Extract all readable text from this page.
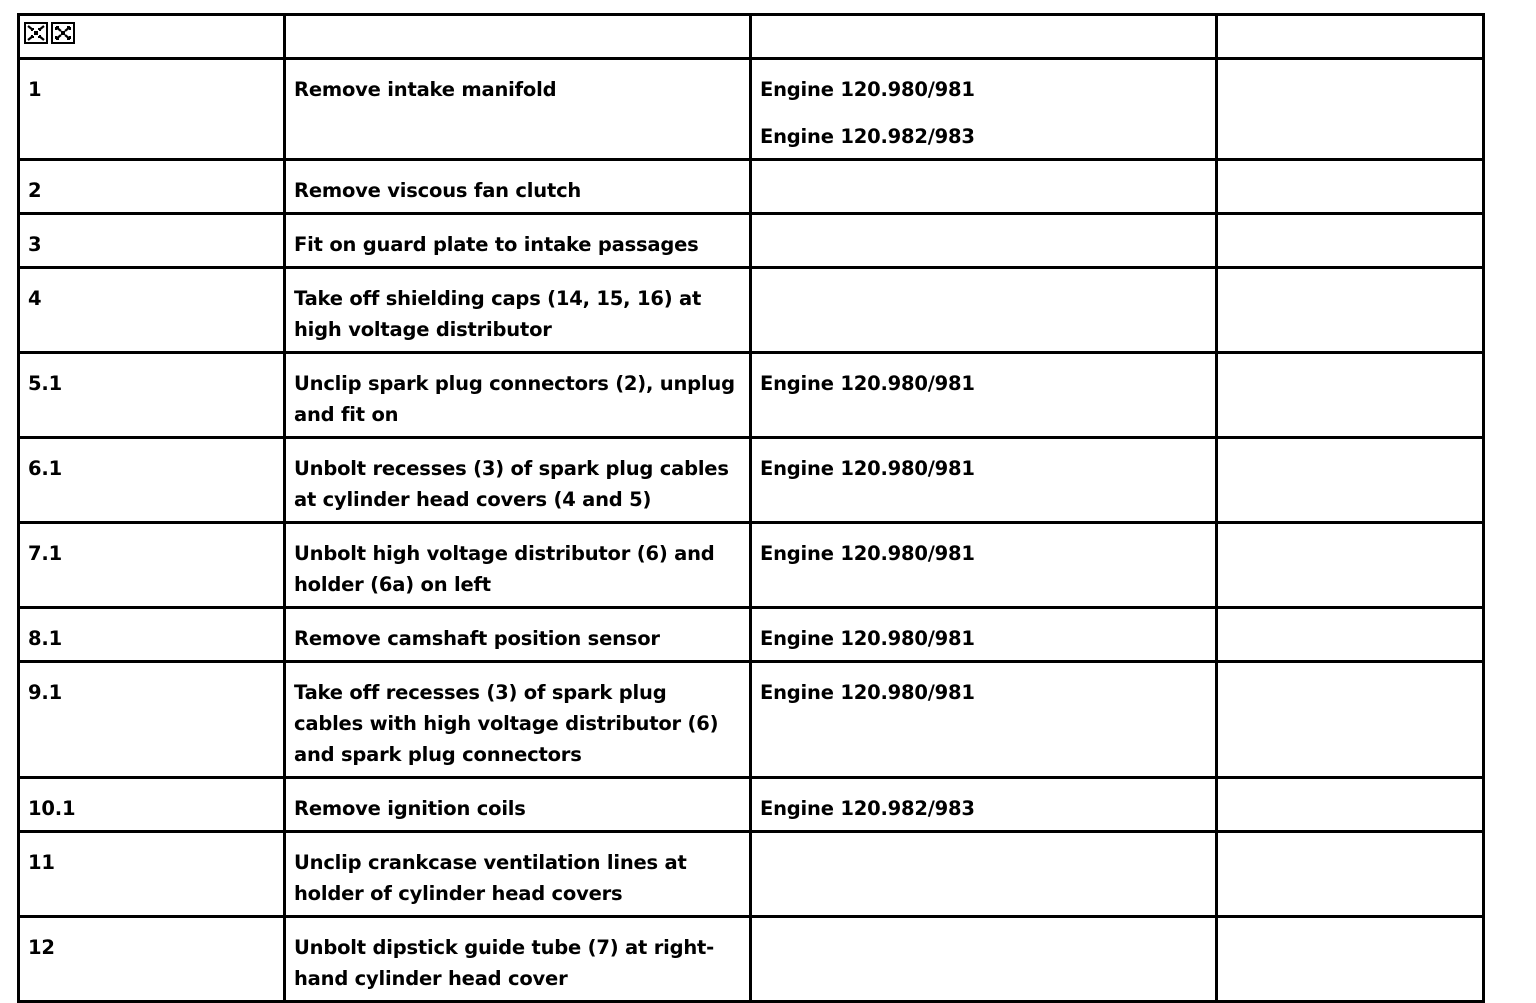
1	Remove intake manifold	Engine 120.980/981
Engine 120.982/983	

2	Remove viscous fan clutch		
3	Fit on guard plate to intake passages		
4	Take off shielding caps (14, 15, 16) at high voltage distributor		
5.1	Unclip spark plug connectors (2), unplug and fit on	Engine 120.980/981	

6.1	Unbolt recesses (3) of spark plug cables at cylinder head covers (4 and 5)	Engine 120.980/981	

7.1	Unbolt high voltage distributor (6) and holder (6a) on left	Engine 120.980/981	

8.1	Remove camshaft position sensor	Engine 120.980/981	

9.1	Take off recesses (3) of spark plug cables with high voltage distributor (6) and spark plug connectors	Engine 120.980/981	

10.1	Remove ignition coils	Engine 120.982/983	

11	Unclip crankcase ventilation lines at holder of cylinder head covers		
12	Unbolt dipstick guide tube (7) at right-hand cylinder head cover		
